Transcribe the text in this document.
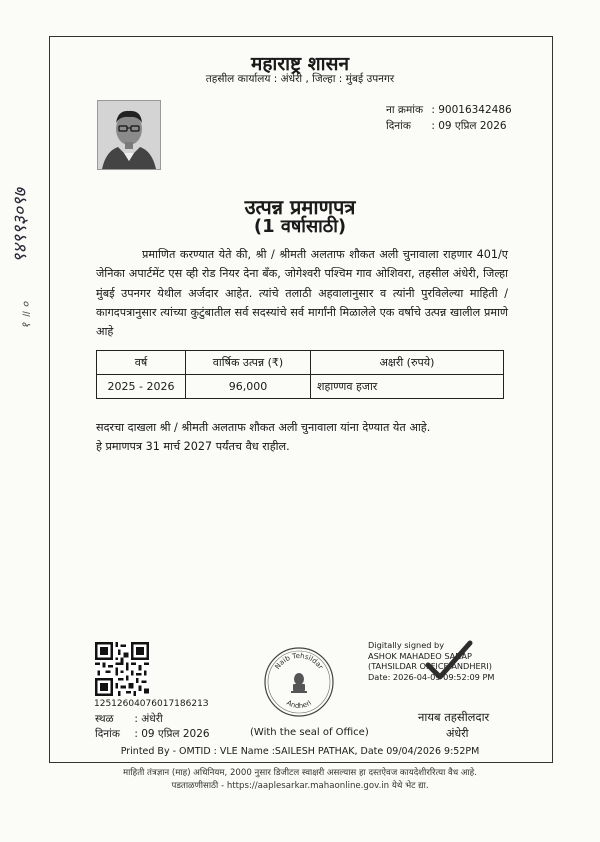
९४९९३०९७
१ ॥ ०
महाराष्ट्र शासन
तहसील कार्यालय : अंधेरी , जिल्हा : मुंबई उपनगर
ना क्रमांक : 90016342486
दिनांक : 09 एप्रिल 2026
उत्पन्न प्रमाणपत्र
(1 वर्षासाठी)
प्रमाणित करण्यात येते की, श्री / श्रीमती अलताफ शौकत अली चुनावाला राहणार 401/ए जेनिका अपार्टमेंट एस व्ही रोड नियर देना बँक, जोगेश्वरी पश्चिम गाव ओशिवरा, तहसील अंधेरी, जिल्हा मुंबई उपनगर येथील अर्जदार आहेत. त्यांचे तलाठी अहवालानुसार व त्यांनी पुरविलेल्या माहिती / कागदपत्रानुसार त्यांच्या कुटुंबातील सर्व सदस्यांचे सर्व मार्गांनी मिळालेले एक वर्षाचे उत्पन्न खालील प्रमाणे आहे
वर्ष	वार्षिक उत्पन्न (₹)	अक्षरी (रुपये)
2025 - 2026	96,000	शहाण्णव हजार
सदरचा दाखला श्री / श्रीमती अलताफ शौकत अली चुनावाला यांना देण्यात येत आहे.
हे प्रमाणपत्र 31 मार्च 2027 पर्यंतच वैध राहील.
1251260407601718621З
स्थळ : अंधेरी
दिनांक : 09 एप्रिल 2026
Naib Tehsildar
Andheri
(With the seal of Office)
Digitally signed by
ASHOK MAHADEO SANAP
(TAHSILDAR OFFICE ANDHERI)
Date: 2026-04-09 09:52:09 PM
नायब तहसीलदार
अंधेरी
Printed By - OMTID : VLE Name :SAILESH PATHAK, Date 09/04/2026 9:52PM
माहिती तंत्रज्ञान (माह) अधिनियम, 2000 नुसार डिजीटल स्वाक्षरी असल्यास हा दस्तऐवज कायदेशीररित्या वैध आहे.
पडताळणीसाठी - https://aaplesarkar.mahaonline.gov.in येथे भेट द्या.
